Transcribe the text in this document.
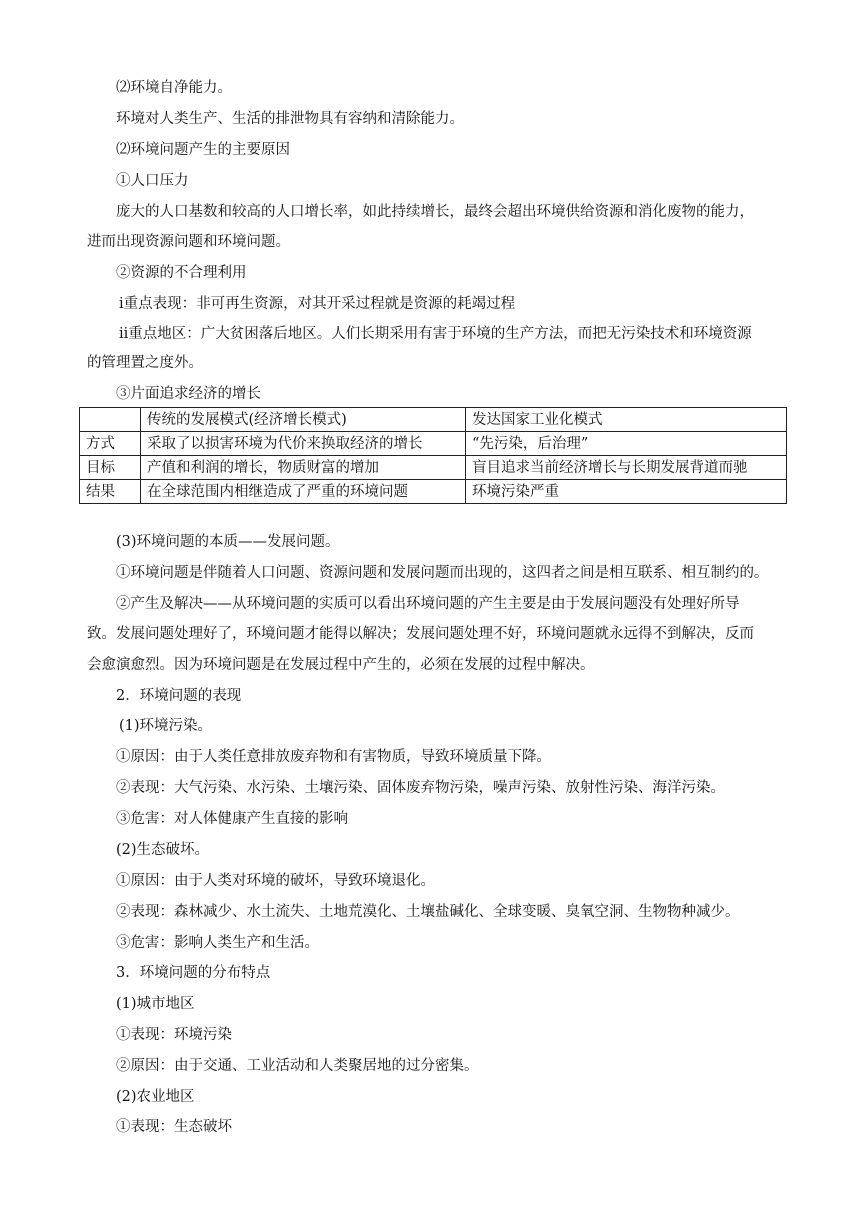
⑵环境自净能力。
环境对人类生产、生活的排泄物具有容纳和清除能力。
⑵环境问题产生的主要原因
①人口压力
庞大的人口基数和较高的人口增长率，如此持续增长，最终会超出环境供给资源和消化废物的能力，
进而出现资源问题和环境问题。
②资源的不合理利用
ⅰ重点表现：非可再生资源，对其开采过程就是资源的耗竭过程
ⅱ重点地区：广大贫困落后地区。人们长期采用有害于环境的生产方法，而把无污染技术和环境资源
的管理置之度外。
③片面追求经济的增长
	传统的发展模式(经济增长模式)	发达国家工业化模式
方式	采取了以损害环境为代价来换取经济的增长	“先污染，后治理”
目标	产值和利润的增长，物质财富的增加	盲目追求当前经济增长与长期发展背道而驰
结果	在全球范围内相继造成了严重的环境问题	环境污染严重
(3)环境问题的本质——发展问题。
①环境问题是伴随着人口问题、资源问题和发展问题而出现的，这四者之间是相互联系、相互制约的。
②产生及解决——从环境问题的实质可以看出环境问题的产生主要是由于发展问题没有处理好所导
致。发展问题处理好了，环境问题才能得以解决；发展问题处理不好，环境问题就永远得不到解决，反而
会愈演愈烈。因为环境问题是在发展过程中产生的，必须在发展的过程中解决。
2．环境问题的表现
(1)环境污染。
①原因：由于人类任意排放废弃物和有害物质，导致环境质量下降。
②表现：大气污染、水污染、土壤污染、固体废弃物污染，噪声污染、放射性污染、海洋污染。
③危害：对人体健康产生直接的影响
(2)生态破坏。
①原因：由于人类对环境的破坏，导致环境退化。
②表现：森林减少、水土流失、土地荒漠化、土壤盐碱化、全球变暖、臭氧空洞、生物物种减少。
③危害：影响人类生产和生活。
3．环境问题的分布特点
(1)城市地区
①表现：环境污染
②原因：由于交通、工业活动和人类聚居地的过分密集。
(2)农业地区
①表现：生态破坏
